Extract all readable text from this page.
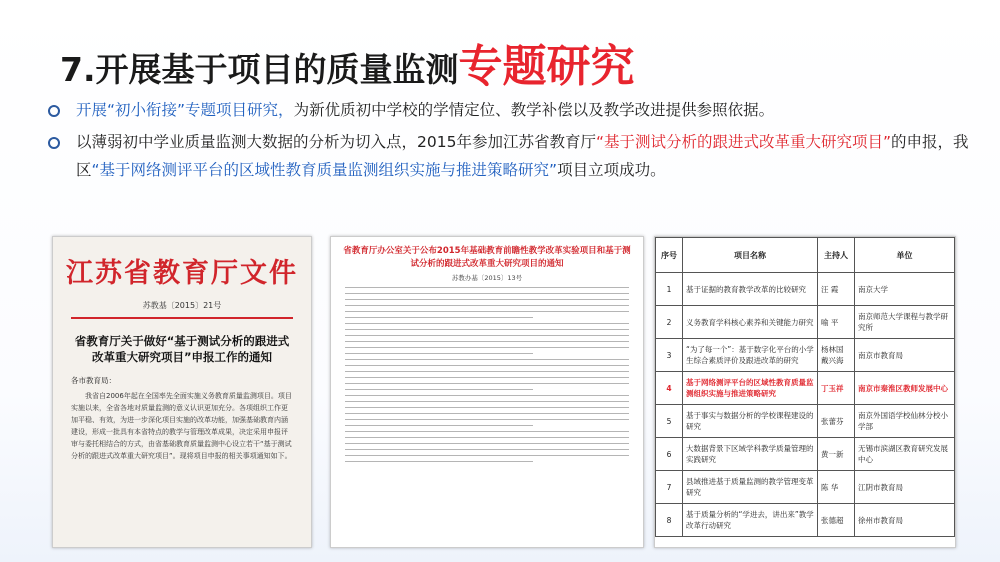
7.开展基于项目的质量监测专题研究
开展“初小衔接”专题项目研究，为新优质初中学校的学情定位、教学补偿以及教学改进提供参照依据。
以薄弱初中学业质量监测大数据的分析为切入点，2015年参加江苏省教育厅“基于测试分析的跟进式改革重大研究项目”的申报，我区“基于网络测评平台的区域性教育质量监测组织实施与推进策略研究”项目立项成功。
江苏省教育厅文件
苏教基〔2015〕21号
省教育厅关于做好“基于测试分析的跟进式改革重大研究项目”申报工作的通知
各市教育局：
我省自2006年起在全国率先全面实施义务教育质量监测项目。项目实施以来，全省各地对质量监测的意义认识更加充分。各项组织工作更加平稳、有效，为进一步深化项目实施的改革功能，加强基础教育内涵建设，形成一批具有本省特点的教学与管理改革成果，决定采用申报评审与委托相结合的方式，由省基础教育质量监测中心设立若干“基于测试分析的跟进式改革重大研究项目”。现将项目申报的相关事项通知如下。
省教育厅办公室关于公布2015年基础教育前瞻性教学改革实验项目和基于测试分析的跟进式改革重大研究项目的通知
苏教办基〔2015〕13号
序号	项目名称	主持人	单位
1	基于证据的教育教学改革的比较研究	汪 霞	南京大学
2	义务教育学科核心素养和关键能力研究	喻 平	南京师范大学课程与教学研究所
3	“为了每一个”：基于数字化平台的小学生综合素质评价及跟进改革的研究	杨林国 戴兴海	南京市教育局
4	基于网络测评平台的区域性教育质量监测组织实施与推进策略研究	丁玉祥	南京市秦淮区教师发展中心
5	基于事实与数据分析的学校课程建设的研究	张蕾芬	南京外国语学校仙林分校小学部
6	大数据背景下区域学科教学质量管理的实践研究	黄一新	无锡市滨湖区教育研究发展中心
7	县域推进基于质量监测的教学管理变革研究	陈 华	江阴市教育局
8	基于质量分析的“学进去，讲出来”教学改革行动研究	张德超	徐州市教育局
